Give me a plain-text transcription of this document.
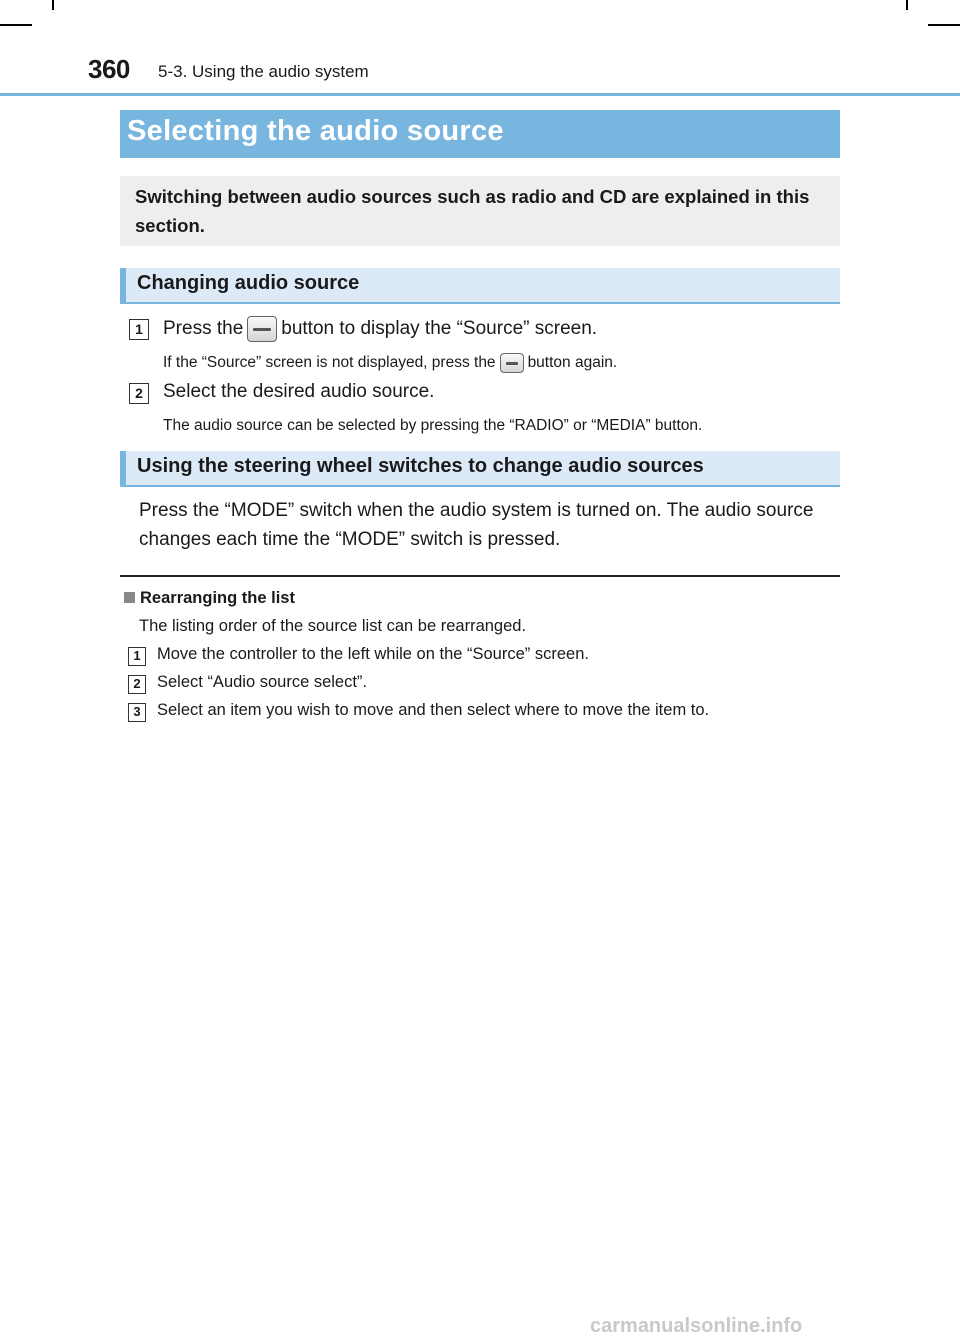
360 5-3. Using the audio system
Selecting the audio source

Switching between audio sources such as radio and CD are explained in this section.

Changing audio source
1	Press the button to display the “Source” screen.
If the “Source” screen is not displayed, press the button again.
2	Select the desired audio source.
The audio source can be selected by pressing the “RADIO” or “MEDIA” button.
Using the steering wheel switches to change audio sources
Press the “MODE” switch when the audio system is turned on. The audio source
changes each time the “MODE” switch is pressed.
Rearranging the list
The listing order of the source list can be rearranged.
1 Move the controller to the left while on the “Source” screen.
2 Select “Audio source select”.
3 Select an item you wish to move and then select where to move the item to.
carmanualsonline.info
